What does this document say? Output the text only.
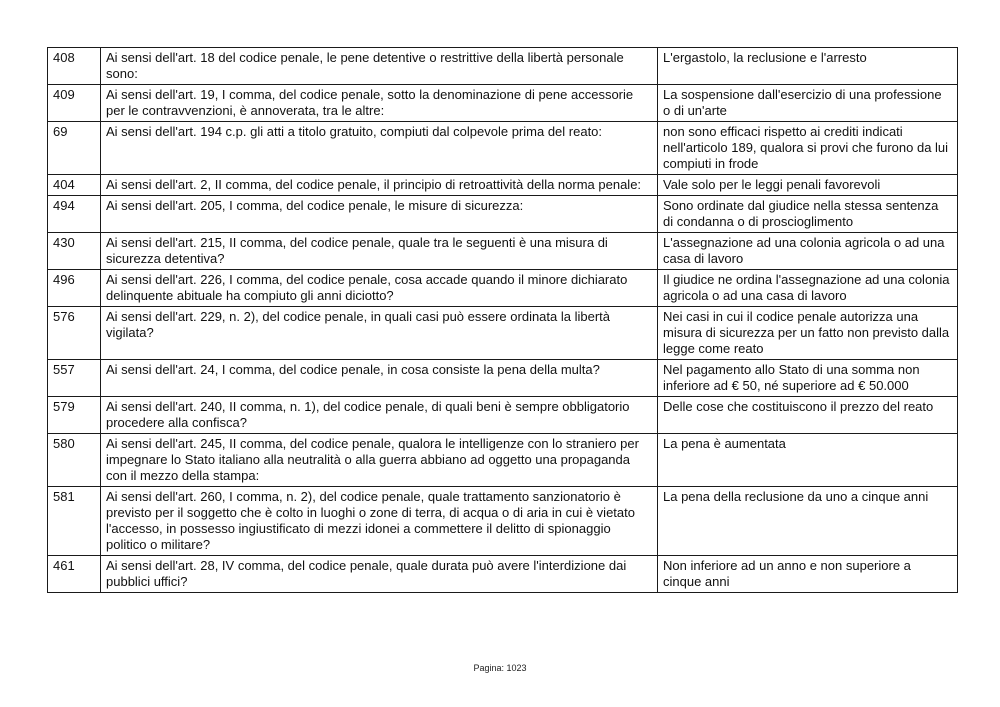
408	Ai sensi dell'art. 18 del codice penale, le pene detentive o restrittive della libertà personale sono:	L'ergastolo, la reclusione e l'arresto
409	Ai sensi dell'art. 19, I comma, del codice penale, sotto la denominazione di pene accessorie per le contravvenzioni, è annoverata, tra le altre:	La sospensione dall'esercizio di una professione o di un'arte
69	Ai sensi dell'art. 194 c.p. gli atti a titolo gratuito, compiuti dal colpevole prima del reato:	non sono efficaci rispetto ai crediti indicati nell'articolo 189, qualora si provi che furono da lui compiuti in frode
404	Ai sensi dell'art. 2, II comma, del codice penale, il principio di retroattività della norma penale:	Vale solo per le leggi penali favorevoli
494	Ai sensi dell'art. 205, I comma, del codice penale, le misure di sicurezza:	Sono ordinate dal giudice nella stessa sentenza di condanna o di proscioglimento
430	Ai sensi dell'art. 215, II comma, del codice penale, quale tra le seguenti è una misura di sicurezza detentiva?	L'assegnazione ad una colonia agricola o ad una casa di lavoro
496	Ai sensi dell'art. 226, I comma, del codice penale, cosa accade quando il minore dichiarato delinquente abituale ha compiuto gli anni diciotto?	Il giudice ne ordina l'assegnazione ad una colonia agricola o ad una casa di lavoro
576	Ai sensi dell'art. 229, n. 2), del codice penale, in quali casi può essere ordinata la libertà vigilata?	Nei casi in cui il codice penale autorizza una misura di sicurezza per un fatto non previsto dalla legge come reato
557	Ai sensi dell'art. 24, I comma, del codice penale, in cosa consiste la pena della multa?	Nel pagamento allo Stato di una somma non inferiore ad € 50, né superiore ad € 50.000
579	Ai sensi dell'art. 240, II comma, n. 1), del codice penale, di quali beni è sempre obbligatorio procedere alla confisca?	Delle cose che costituiscono il prezzo del reato
580	Ai sensi dell'art. 245, II comma, del codice penale, qualora le intelligenze con lo straniero per impegnare lo Stato italiano alla neutralità o alla guerra abbiano ad oggetto una propaganda con il mezzo della stampa:	La pena è aumentata
581	Ai sensi dell'art. 260, I comma, n. 2), del codice penale, quale trattamento sanzionatorio è previsto per il soggetto che è colto in luoghi o zone di terra, di acqua o di aria in cui è vietato l'accesso, in possesso ingiustificato di mezzi idonei a commettere il delitto di spionaggio politico o militare?	La pena della reclusione da uno a cinque anni
461	Ai sensi dell'art. 28, IV comma, del codice penale, quale durata può avere l'interdizione dai pubblici uffici?	Non inferiore ad un anno e non superiore a cinque anni
Pagina: 1023
